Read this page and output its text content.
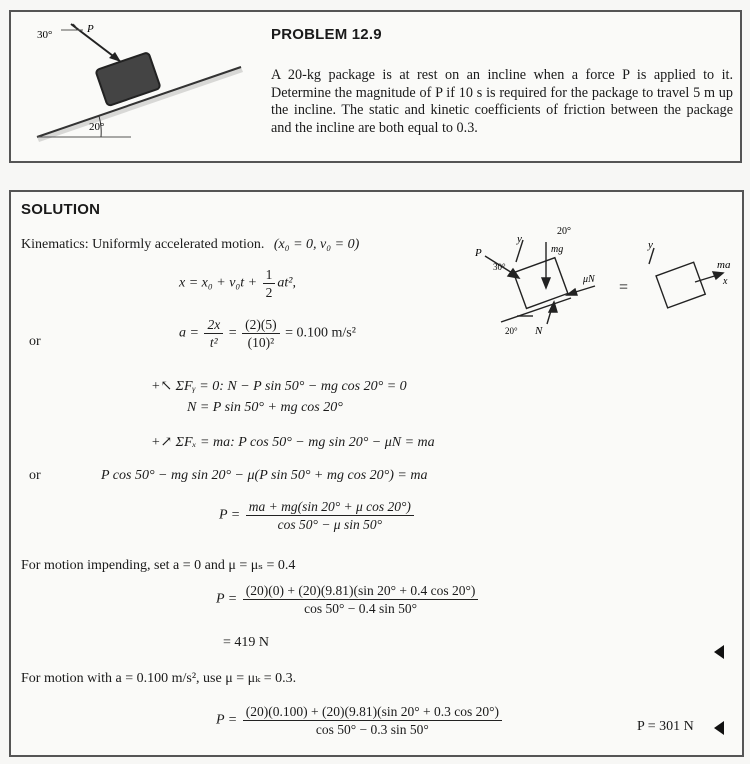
20°
30°	P	PROBLEM 12.9
A 20-kg package is at rest on an incline when a force P is applied to it. Determine the magnitude of P if 10 s is required for the package to travel 5 m up the incline. The static and kinetic coefficients of friction between the package and the incline are both equal to 0.3.
SOLUTION
Kinematics: Uniformly accelerated motion. (x₀ = 0, v₀ = 0)
$x = x_0 + v_0t + \frac{1}{2} at^2$,
or
$a = \frac{2x}{\text{t²}} = \frac{(2)(5)}{\text{(10)²}} = 0.100$ m/s²
+↖ ΣFᵧ = 0: N − P sin 50° − mg cos 20° = 0
N = P sin 50° + mg cos 20°
+↗ ΣFₓ = ma: P cos 50° − mg sin 20° − μN = ma
or	P cos 50° − mg sin 20° − μ(P sin 50° + mg cos 20°) = ma
$P = \frac{\text{ma + mg(sin 20° + μ cos 20°)}}{\text{cos 50° − μ sin 50°}}$
For motion impending, set a = 0 and μ = μₛ = 0.4
$P = \frac{(20)(0) + (20)(9.81)(\sin 20^\circ + 0.4 \cos 20^\circ)}{\cos 50^\circ - 0.4 \sin 50^\circ}$
= 419 N
For motion with a = 0.100 m/s², use μ = μₖ = 0.3.
$P = \frac{(20)(0.100) + (20)(9.81)(\sin 20^\circ + 0.3 \cos 20^\circ)}{\cos 50^\circ - 0.3 \sin 50^\circ}$	P = 301 N
y
20°
mg
P
30°
μN
20° N
=
y
ma
x
